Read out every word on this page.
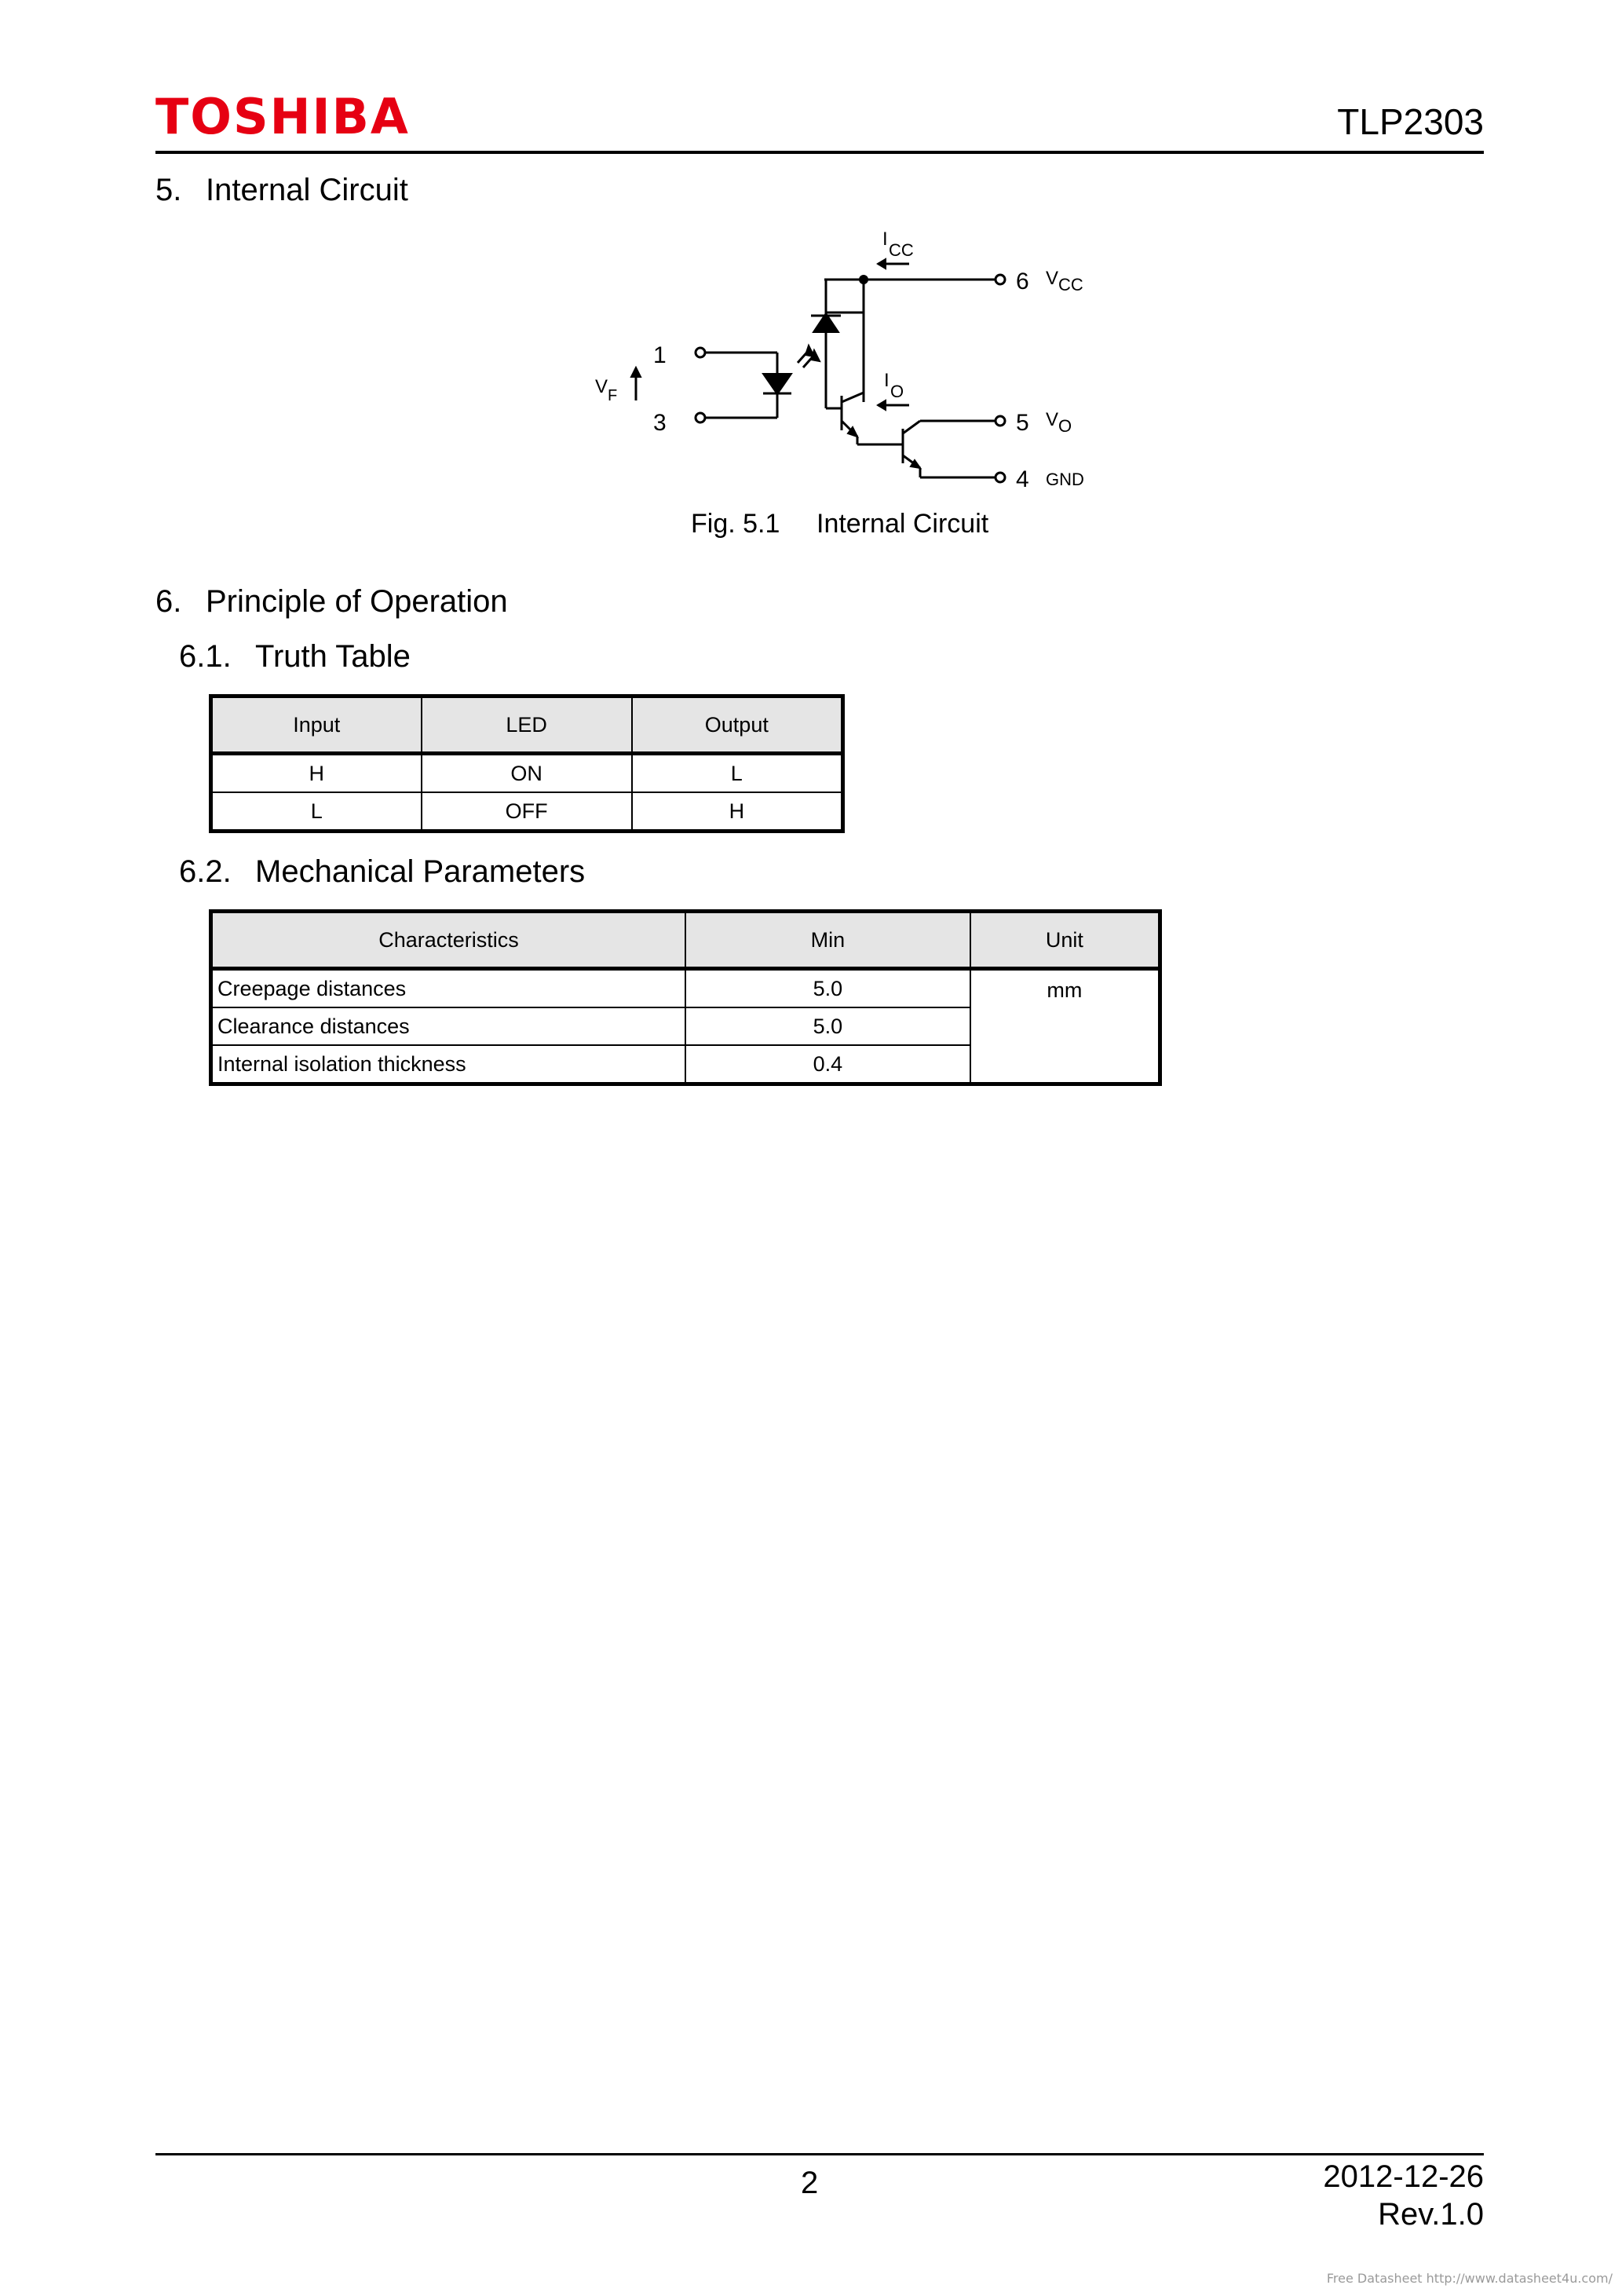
TOSHIBA	TLP2303
5. Internal Circuit
1
3
6
5
4
V F
I
CC
V CC
I
O
V O
GND
Fig. 5.1 Internal Circuit
6. Principle of Operation
6.1. Truth Table
Input	LED	Output
H	ON	L
L	OFF	H
6.2. Mechanical Parameters
Characteristics	Min	Unit
Creepage distances	5.0	mm
Clearance distances	5.0	
Internal isolation thickness	0.4	
2	2012-12-26
Rev.1.0
Free Datasheet http://www.datasheet4u.com/
